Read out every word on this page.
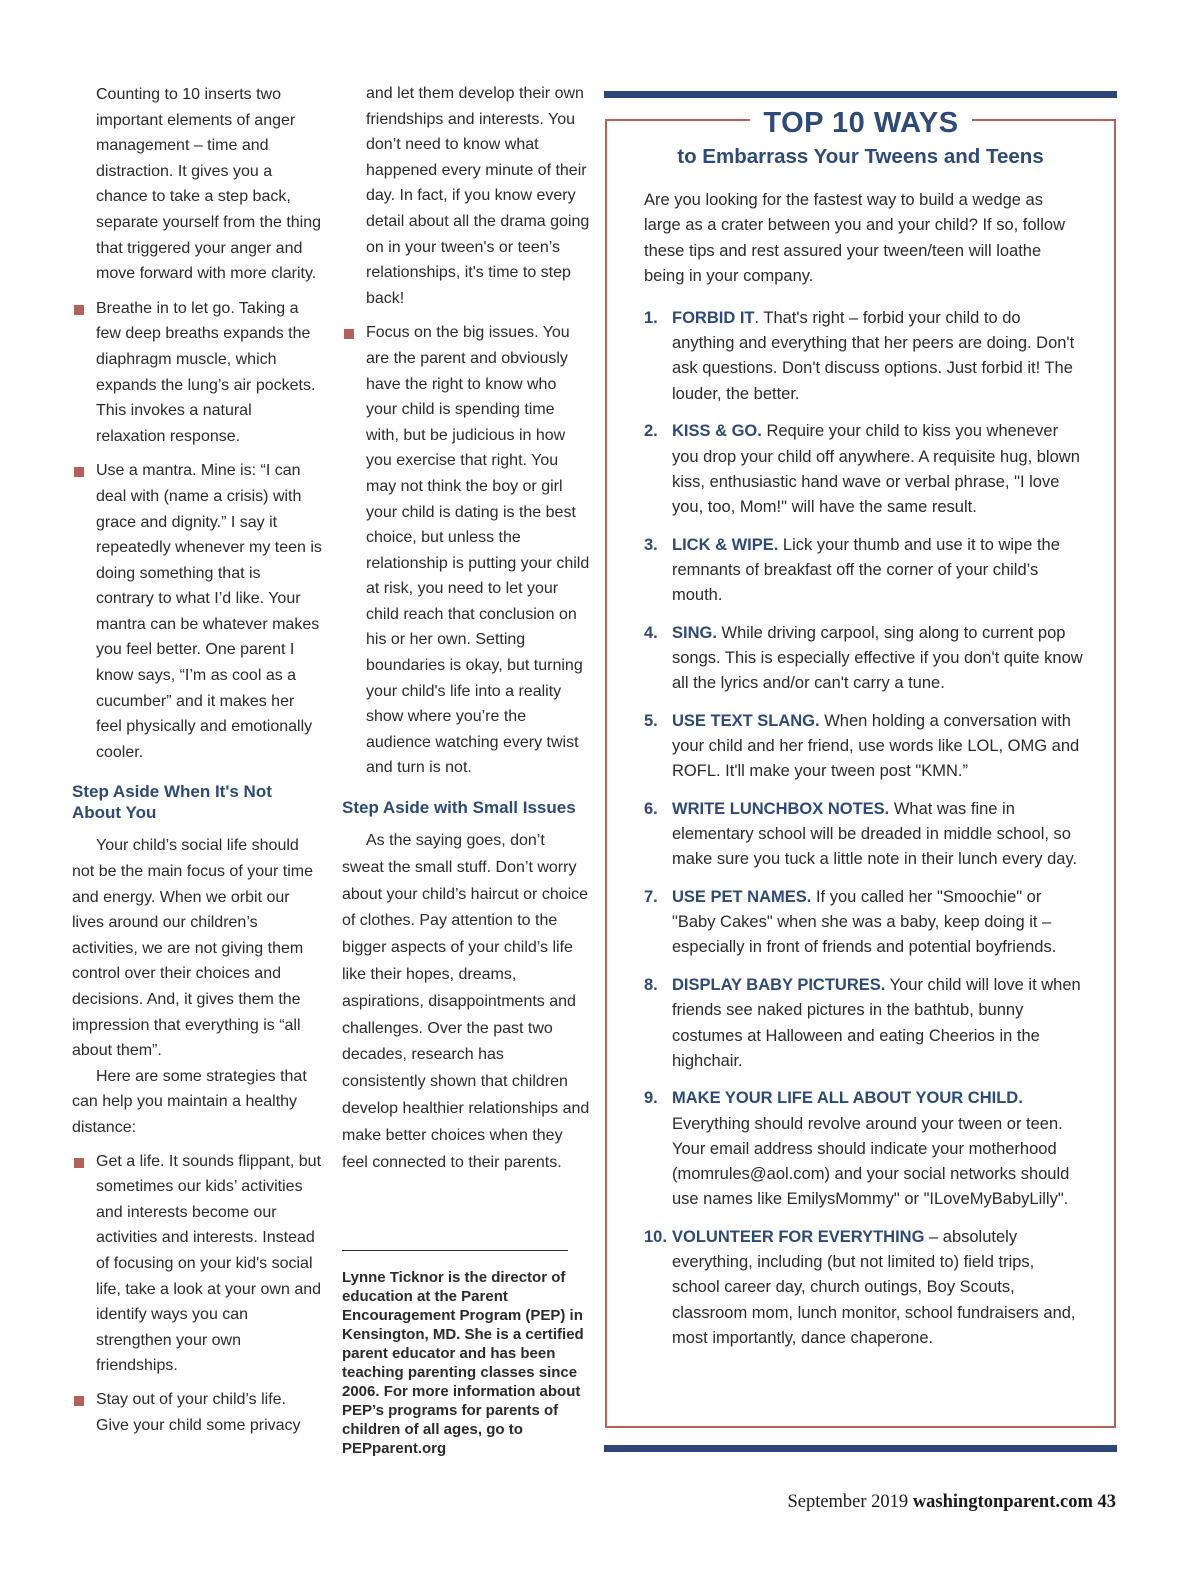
Counting to 10 inserts two important elements of anger management – time and distraction. It gives you a chance to take a step back, separate yourself from the thing that triggered your anger and move forward with more clarity.

Breathe in to let go. Taking a few deep breaths expands the diaphragm muscle, which expands the lung’s air pockets. This invokes a natural relaxation response.

Use a mantra. Mine is: “I can deal with (name a crisis) with grace and dignity.” I say it repeatedly whenever my teen is doing something that is contrary to what I’d like. Your mantra can be whatever makes you feel better. One parent I know says, “I’m as cool as a cucumber” and it makes her feel physically and emotionally cooler.

Step Aside When It's Not About You

Your child’s social life should not be the main focus of your time and energy. When we orbit our lives around our children’s activities, we are not giving them control over their choices and decisions. And, it gives them the impression that everything is “all about them”.

Here are some strategies that can help you maintain a healthy distance:

Get a life. It sounds flippant, but sometimes our kids’ activities and interests become our activities and interests. Instead of focusing on your kid's social life, take a look at your own and identify ways you can strengthen your own friendships.

Stay out of your child’s life. Give your child some privacy

and let them develop their own friendships and interests. You don’t need to know what happened every minute of their day. In fact, if you know every detail about all the drama going on in your tween's or teen’s relationships, it's time to step back!

Focus on the big issues. You are the parent and obviously have the right to know who your child is spending time with, but be judicious in how you exercise that right. You may not think the boy or girl your child is dating is the best choice, but unless the relationship is putting your child at risk, you need to let your child reach that conclusion on his or her own. Setting boundaries is okay, but turning your child's life into a reality show where you’re the audience watching every twist and turn is not.

Step Aside with Small Issues

As the saying goes, don’t sweat the small stuff. Don’t worry about your child’s haircut or choice of clothes. Pay attention to the bigger aspects of your child’s life like their hopes, dreams, aspirations, disappointments and challenges. Over the past two decades, research has consistently shown that children develop healthier relationships and make better choices when they feel connected to their parents.

Lynne Ticknor is the director of education at the Parent Encouragement Program (PEP) in Kensington, MD. She is a certified parent educator and has been teaching parenting classes since 2006. For more information about PEP’s programs for parents of children of all ages, go to PEPparent.org

TOP 10 WAYS
to Embarrass Your Tweens and Teens

Are you looking for the fastest way to build a wedge as large as a crater between you and your child? If so, follow these tips and rest assured your tween/teen will loathe being in your company.

1. FORBID IT. That's right – forbid your child to do anything and everything that her peers are doing. Don't ask questions. Don't discuss options. Just forbid it! The louder, the better.
2. KISS & GO. Require your child to kiss you whenever you drop your child off anywhere. A requisite hug, blown kiss, enthusiastic hand wave or verbal phrase, "I love you, too, Mom!" will have the same result.
3. LICK & WIPE. Lick your thumb and use it to wipe the remnants of breakfast off the corner of your child’s mouth.
4. SING. While driving carpool, sing along to current pop songs. This is especially effective if you don't quite know all the lyrics and/or can't carry a tune.
5. USE TEXT SLANG. When holding a conversation with your child and her friend, use words like LOL, OMG and ROFL. It'll make your tween post "KMN.”
6. WRITE LUNCHBOX NOTES. What was fine in elementary school will be dreaded in middle school, so make sure you tuck a little note in their lunch every day.
7. USE PET NAMES. If you called her "Smoochie" or "Baby Cakes" when she was a baby, keep doing it – especially in front of friends and potential boyfriends.
8. DISPLAY BABY PICTURES. Your child will love it when friends see naked pictures in the bathtub, bunny costumes at Halloween and eating Cheerios in the highchair.
9. MAKE YOUR LIFE ALL ABOUT YOUR CHILD. Everything should revolve around your tween or teen. Your email address should indicate your motherhood (momrules@aol.com) and your social networks should use names like EmilysMommy" or "ILoveMyBabyLilly".
10. VOLUNTEER FOR EVERYTHING – absolutely everything, including (but not limited to) field trips, school career day, church outings, Boy Scouts, classroom mom, lunch monitor, school fundraisers and, most importantly, dance chaperone.
September 2019 washingtonparent.com 43
